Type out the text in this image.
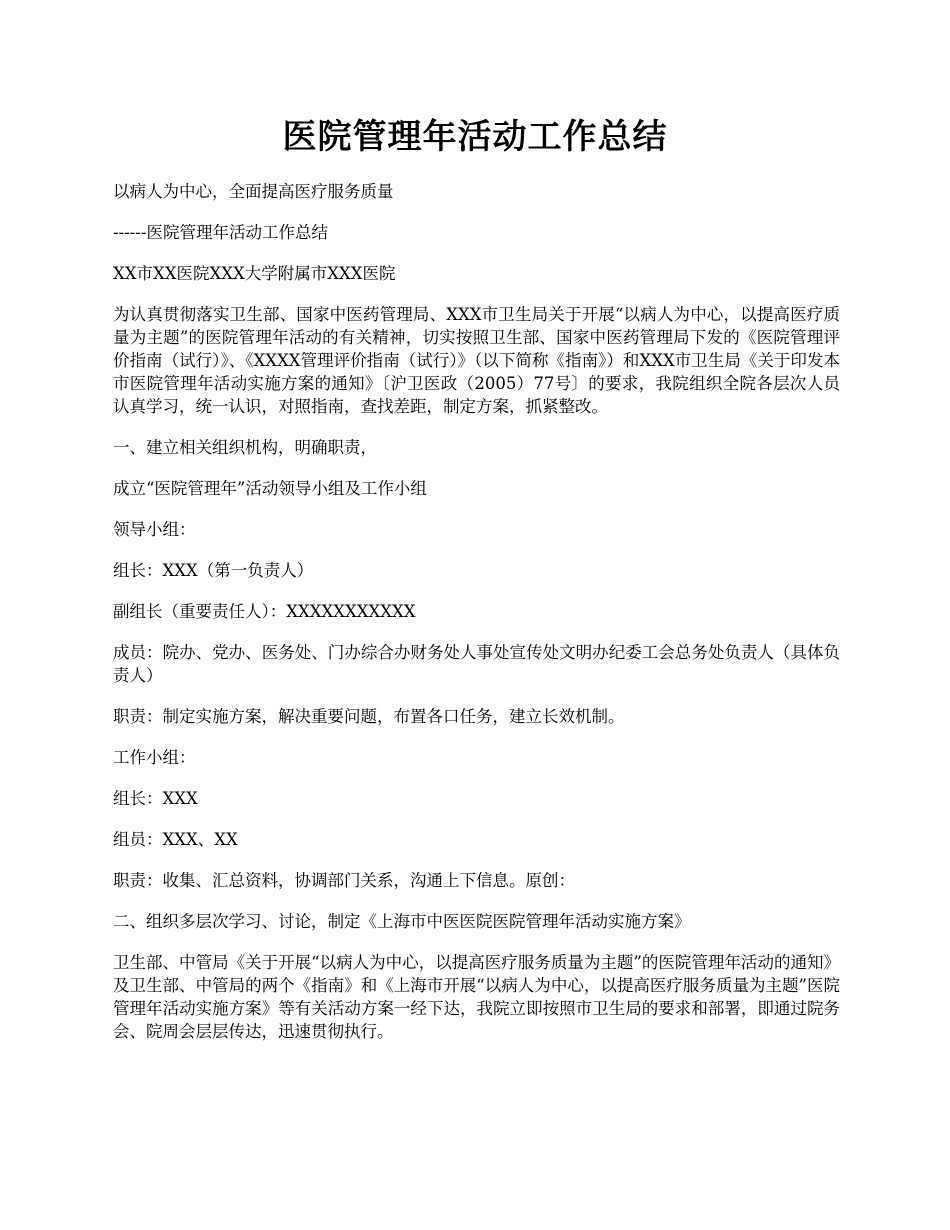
医院管理年活动工作总结

以病人为中心，全面提高医疗服务质量

------医院管理年活动工作总结

XX市XX医院XXX大学附属市XXX医院

为认真贯彻落实卫生部、国家中医药管理局、XXX市卫生局关于开展“以病人为中心，以提高医疗质量为主题”的医院管理年活动的有关精神，切实按照卫生部、国家中医药管理局下发的《医院管理评价指南（试行）》、《XXXX管理评价指南（试行）》（以下简称《指南》）和XXX市卫生局《关于印发本市医院管理年活动实施方案的通知》〔沪卫医政（2005）77号〕的要求，我院组织全院各层次人员认真学习，统一认识，对照指南，查找差距，制定方案，抓紧整改。

一、建立相关组织机构，明确职责，

成立“医院管理年”活动领导小组及工作小组

领导小组：

组长：XXX（第一负责人）

副组长（重要责任人）：XXXXXXXXXXX

成员：院办、党办、医务处、门办综合办财务处人事处宣传处文明办纪委工会总务处负责人（具体负责人）

职责：制定实施方案，解决重要问题，布置各口任务，建立长效机制。

工作小组：

组长：XXX

组员：XXX、XX

职责：收集、汇总资料，协调部门关系，沟通上下信息。原创：

二、组织多层次学习、讨论，制定《上海市中医医院医院管理年活动实施方案》

卫生部、中管局《关于开展“以病人为中心，以提高医疗服务质量为主题”的医院管理年活动的通知》及卫生部、中管局的两个《指南》和《上海市开展“以病人为中心，以提高医疗服务质量为主题”医院管理年活动实施方案》等有关活动方案一经下达，我院立即按照市卫生局的要求和部署，即通过院务会、院周会层层传达，迅速贯彻执行。
